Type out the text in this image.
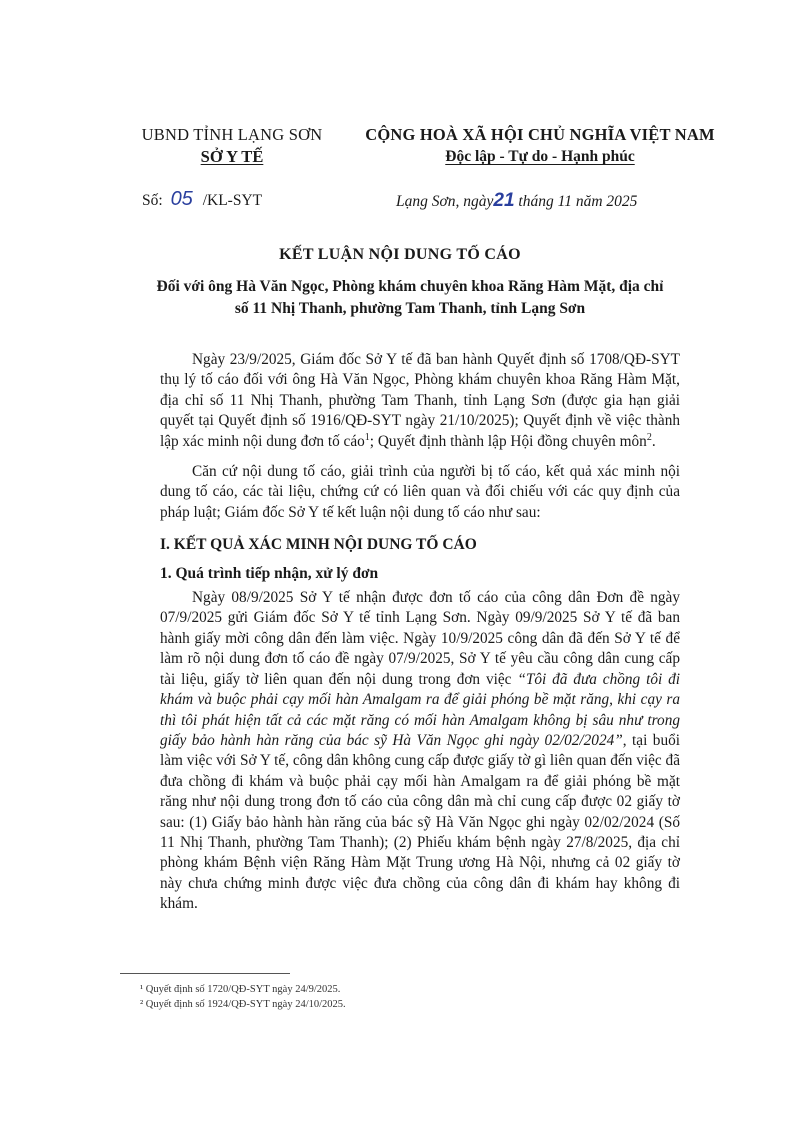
UBND TỈNH LẠNG SƠN
SỞ Y TẾ
CỘNG HOÀ XÃ HỘI CHỦ NGHĨA VIỆT NAM
Độc lập - Tự do - Hạnh phúc
Số: 05 /KL-SYT	Lạng Sơn, ngày21 tháng 11 năm 2025
KẾT LUẬN NỘI DUNG TỐ CÁO
Đối với ông Hà Văn Ngọc, Phòng khám chuyên khoa Răng Hàm Mặt, địa chỉ số 11 Nhị Thanh, phường Tam Thanh, tỉnh Lạng Sơn

Ngày 23/9/2025, Giám đốc Sở Y tế đã ban hành Quyết định số 1708/QĐ-SYT thụ lý tố cáo đối với ông Hà Văn Ngọc, Phòng khám chuyên khoa Răng Hàm Mặt, địa chỉ số 11 Nhị Thanh, phường Tam Thanh, tỉnh Lạng Sơn (được gia hạn giải quyết tại Quyết định số 1916/QĐ-SYT ngày 21/10/2025); Quyết định về việc thành lập xác minh nội dung đơn tố cáo$^1$; Quyết định thành lập Hội đồng chuyên môn$^2$.

Căn cứ nội dung tố cáo, giải trình của người bị tố cáo, kết quả xác minh nội dung tố cáo, các tài liệu, chứng cứ có liên quan và đối chiếu với các quy định của pháp luật; Giám đốc Sở Y tế kết luận nội dung tố cáo như sau:

I. KẾT QUẢ XÁC MINH NỘI DUNG TỐ CÁO
1. Quá trình tiếp nhận, xử lý đơn

Ngày 08/9/2025 Sở Y tế nhận được đơn tố cáo của công dân Đơn đề ngày 07/9/2025 gửi Giám đốc Sở Y tế tỉnh Lạng Sơn. Ngày 09/9/2025 Sở Y tế đã ban hành giấy mời công dân đến làm việc. Ngày 10/9/2025 công dân đã đến Sở Y tế để làm rõ nội dung đơn tố cáo đề ngày 07/9/2025, Sở Y tế yêu cầu công dân cung cấp tài liệu, giấy tờ liên quan đến nội dung trong đơn việc “Tôi đã đưa chồng tôi đi khám và buộc phải cạy mối hàn Amalgam ra để giải phóng bề mặt răng, khi cạy ra thì tôi phát hiện tất cả các mặt răng có mối hàn Amalgam không bị sâu như trong giấy bảo hành hàn răng của bác sỹ Hà Văn Ngọc ghi ngày 02/02/2024”, tại buổi làm việc với Sở Y tế, công dân không cung cấp được giấy tờ gì liên quan đến việc đã đưa chồng đi khám và buộc phải cạy mối hàn Amalgam ra để giải phóng bề mặt răng như nội dung trong đơn tố cáo của công dân mà chỉ cung cấp được 02 giấy tờ sau: (1) Giấy bảo hành hàn răng của bác sỹ Hà Văn Ngọc ghi ngày 02/02/2024 (Số 11 Nhị Thanh, phường Tam Thanh); (2) Phiếu khám bệnh ngày 27/8/2025, địa chỉ phòng khám Bệnh viện Răng Hàm Mặt Trung ương Hà Nội, nhưng cả 02 giấy tờ này chưa chứng minh được việc đưa chồng của công dân đi khám hay không đi khám.

¹ Quyết định số 1720/QĐ-SYT ngày 24/9/2025.
² Quyết định số 1924/QĐ-SYT ngày 24/10/2025.
